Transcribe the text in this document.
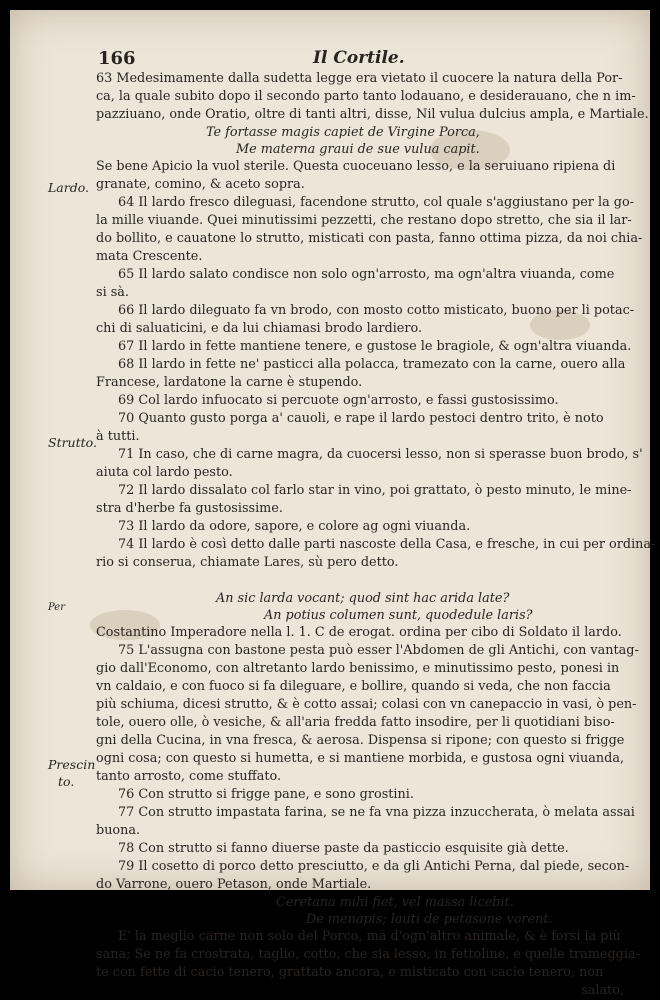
166	Il Cortile.
Lardo.
Strutto.
Per
Prescin
to.
63 Medesimamente dalla sudetta legge era vietato il cuocere la natura della Por-
ca, la quale subito dopo il secondo parto tanto lodauano, e desiderauano, che n im-
pazziuano, onde Oratio, oltre di tanti altri, disse, Nil vulua dulcius ampla, e Martiale.
Te fortasse magis capiet de Virgine Porca,
Me materna graui de sue vulua capit.
Se bene Apicio la vuol sterile. Questa cuoceuano lesso, e la seruiuano ripiena di
granate, comino, & aceto sopra.
64 Il lardo fresco dileguasi, facendone strutto, col quale s'aggiustano per la go-
la mille viuande. Quei minutissimi pezzetti, che restano dopo stretto, che sia il lar-
do bollito, e cauatone lo strutto, misticati con pasta, fanno ottima pizza, da noi chia-
mata Crescente.
65 Il lardo salato condisce non solo ogn'arrosto, ma ogn'altra viuanda, come
si sà.
66 Il lardo dileguato fa vn brodo, con mosto cotto misticato, buono per li potac-
chi di saluaticini, e da lui chiamasi brodo lardiero.
67 Il lardo in fette mantiene tenere, e gustose le bragiole, & ogn'altra viuanda.
68 Il lardo in fette ne' pasticci alla polacca, tramezato con la carne, ouero alla
Francese, lardatone la carne è stupendo.
69 Col lardo infuocato si percuote ogn'arrosto, e fassi gustosissimo.
70 Quanto gusto porga a' cauoli, e rape il lardo pestoci dentro trito, è noto
à tutti.
71 In caso, che di carne magra, da cuocersi lesso, non si sperasse buon brodo, s'
aiuta col lardo pesto.
72 Il lardo dissalato col farlo star in vino, poi grattato, ò pesto minuto, le mine-
stra d'herbe fa gustosissime.
73 Il lardo da odore, sapore, e colore ag ogni viuanda.
74 Il lardo è così detto dalle parti nascoste della Casa, e fresche, in cui per ordina-
rio si conserua, chiamate Lares, sù pero detto.
An sic larda vocant; quod sint hac arida late?
An potius columen sunt, quodedule laris?
Costantino Imperadore nella l. 1. C de erogat. ordina per cibo di Soldato il lardo.
75 L'assugna con bastone pesta può esser l'Abdomen de gli Antichi, con vantag-
gio dall'Economo, con altretanto lardo benissimo, e minutissimo pesto, ponesi in
vn caldaio, e con fuoco si fa dileguare, e bollire, quando si veda, che non faccia
più schiuma, dicesi strutto, & è cotto assai; colasi con vn canepaccio in vasi, ò pen-
tole, ouero olle, ò vesiche, & all'aria fredda fatto insodire, per li quotidiani biso-
gni della Cucina, in vna fresca, & aerosa. Dispensa si ripone; con questo si frigge
ogni cosa; con questo si humetta, e si mantiene morbida, e gustosa ogni viuanda,
tanto arrosto, come stuffato.
76 Con strutto si frigge pane, e sono grostini.
77 Con strutto impastata farina, se ne fa vna pizza inzuccherata, ò melata assai
buona.
78 Con strutto si fanno diuerse paste da pasticcio esquisite già dette.
79 Il cosetto di porco detto presciutto, e da gli Antichi Perna, dal piede, secon-
do Varrone, ouero Petason, onde Martiale.
Ceretana mihi fiet, vel massa licebit.
De menapis; lauti de petasone vorent.
E' la meglio carne non solo del Porco, ma d'ogn'altro animale, & è forsi la più
sana; Se ne fa crostrata, taglio, cotto, che sia lesso, in fettoline, e quelle trameggia-
te con fette di cacio tenero, grattato ancora, e misticato con cacio tenero, non
salato,
